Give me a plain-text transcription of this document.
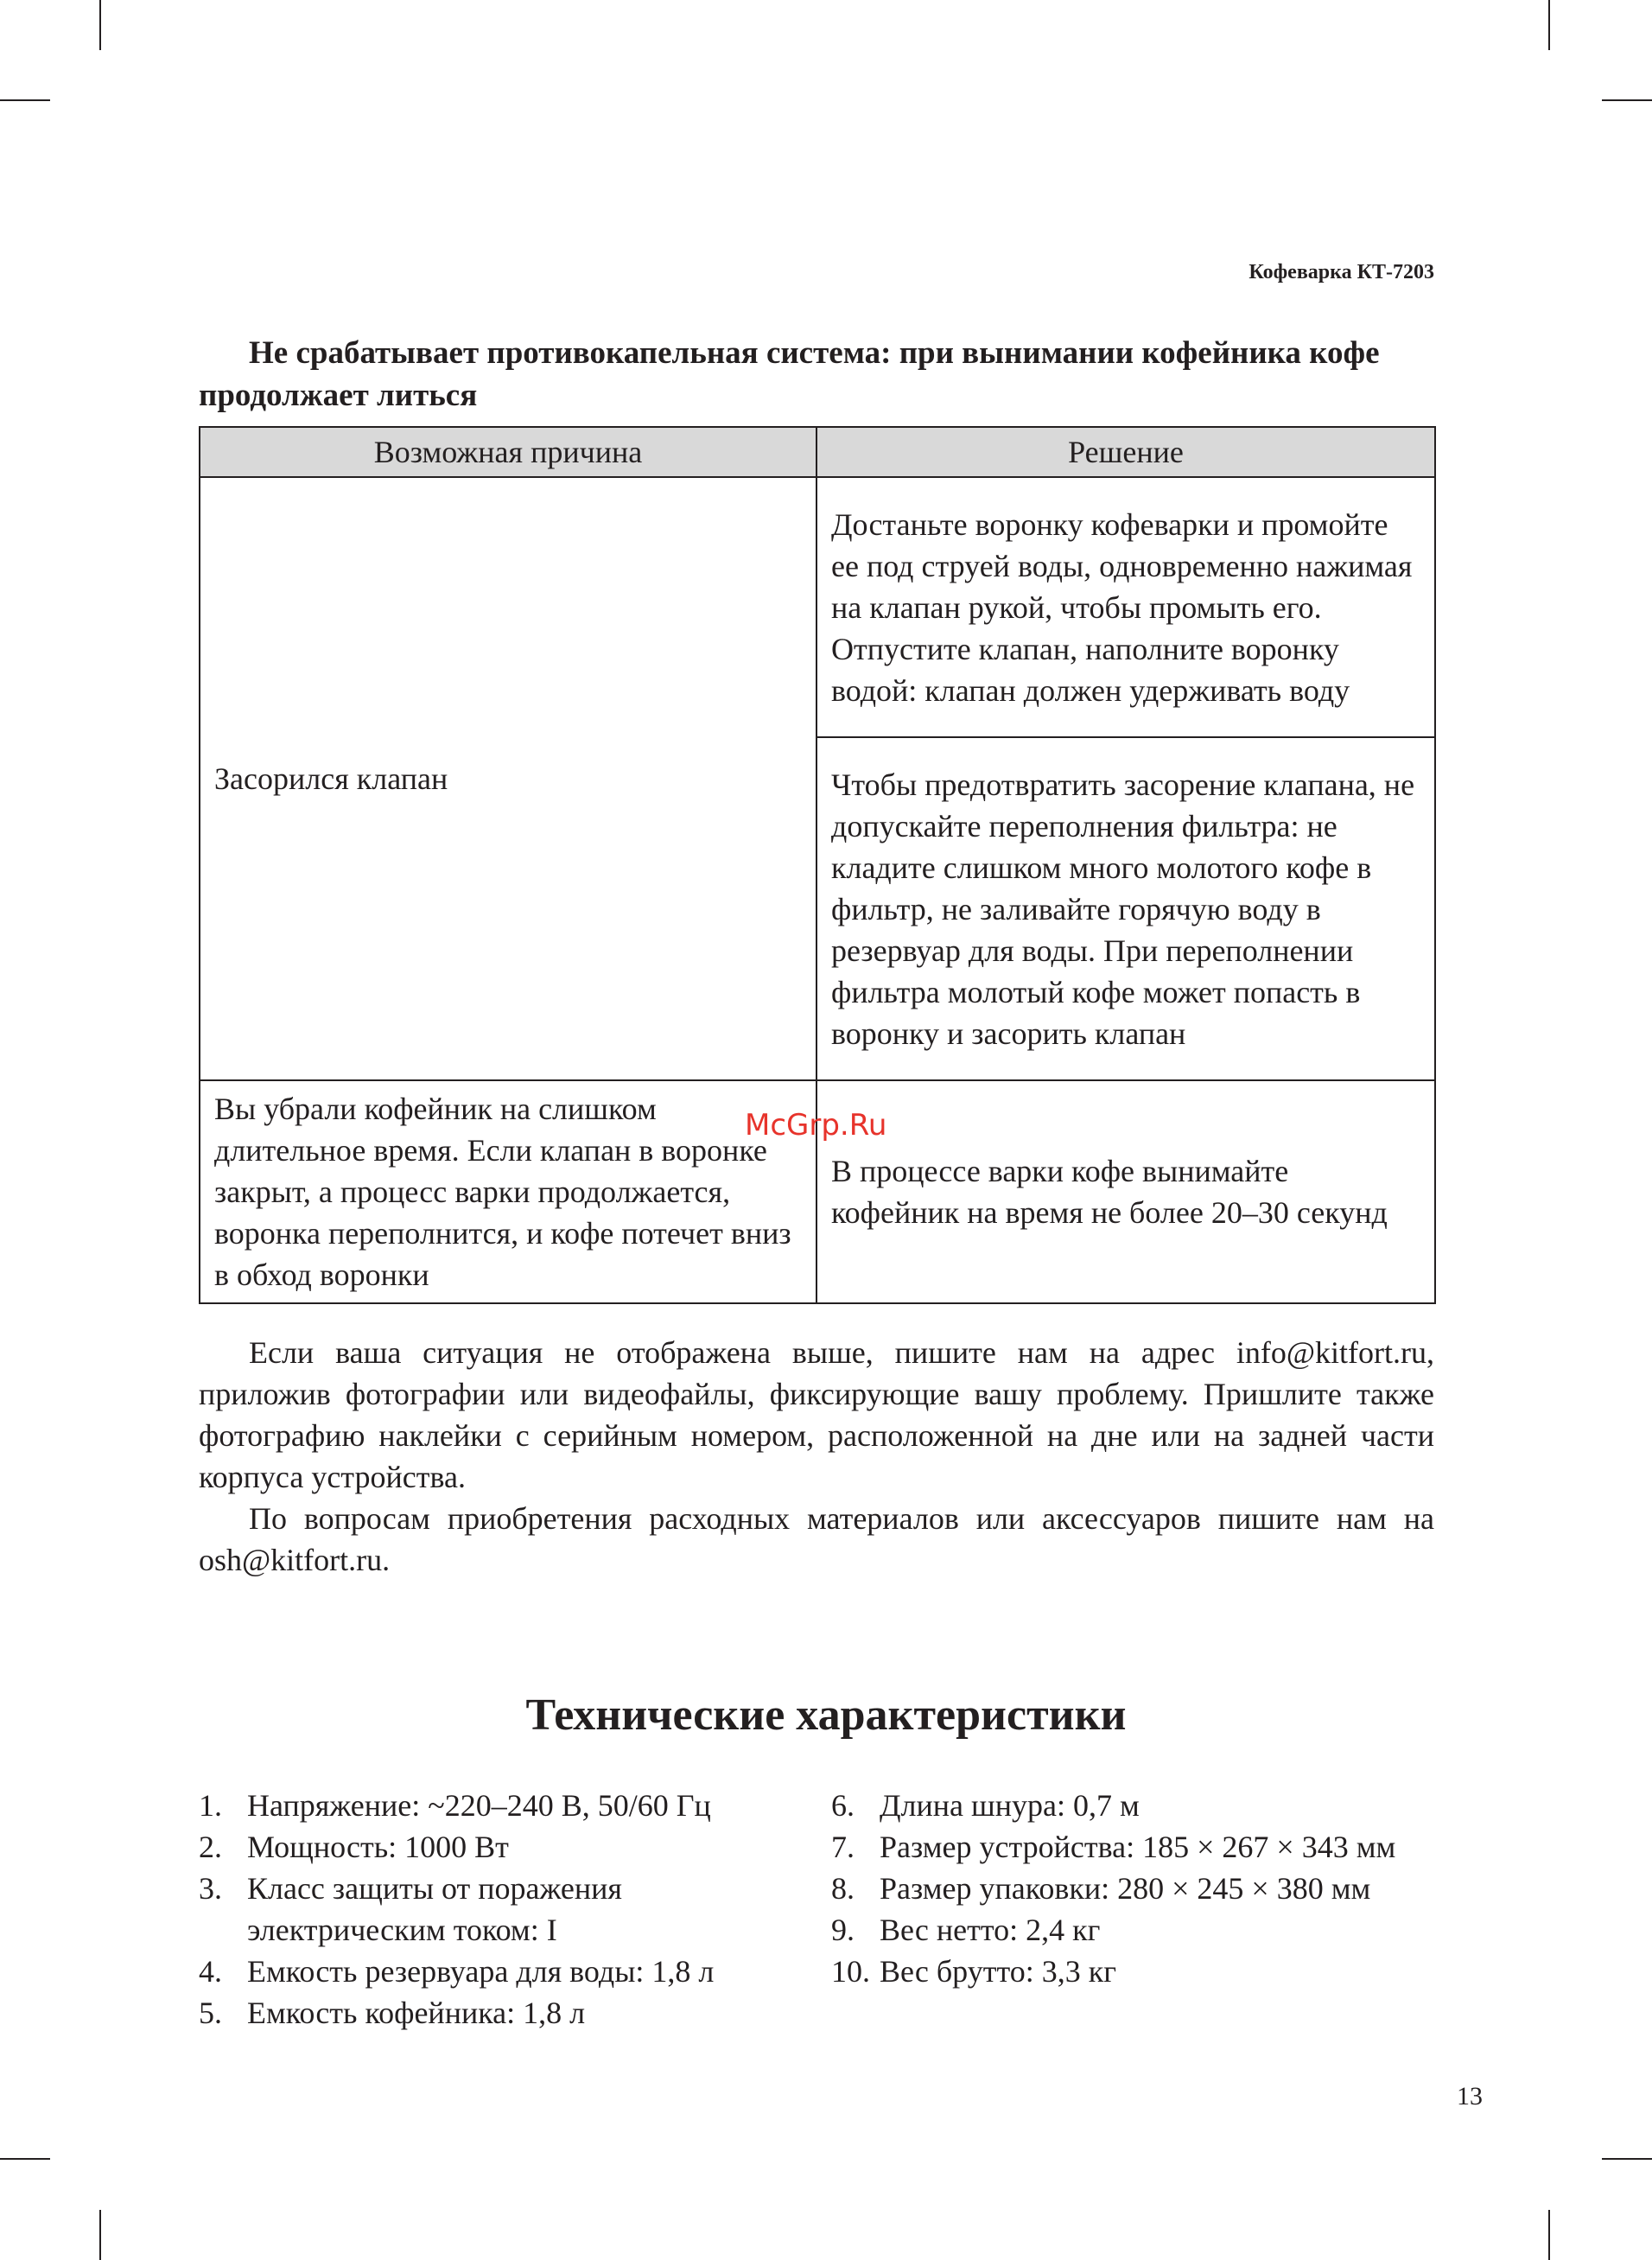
Кофеварка КТ-7203

Не срабатывает противокапельная система: при вынимании кофейника кофе продолжает литься

Возможная причина	Решение
Засорился клапан	Достаньте воронку кофеварки и промойте ее под струей воды, одновременно нажимая на клапан рукой, чтобы промыть его. Отпустите клапан, наполните воронку водой: клапан должен удерживать воду
	Чтобы предотвратить засорение клапана, не допускайте переполнения фильтра: не кладите слишком много молотого кофе в фильтр, не заливайте горячую воду в резервуар для воды. При переполнении фильтра молотый кофе может попасть в воронку и засорить клапан
Вы убрали кофейник на слишком длительное время. Если клапан в воронке закрыт, а процесс варки продолжается, воронка переполнится, и кофе потечет вниз в обход воронки	В процессе варки кофе вынимайте кофейник на время не более 20–30 секунд
McGrp.Ru

Если ваша ситуация не отображена выше, пишите нам на адрес info@kitfort.ru, приложив фотографии или видеофайлы, фиксирующие вашу проблему. Пришлите также фотографию наклейки с серийным номером, расположенной на дне или на задней части корпуса устройства.

По вопросам приобретения расходных материалов или аксессуаров пишите нам на osh@kitfort.ru.

Технические характеристики
1. Напряжение: ~220–240 В, 50/60 Гц
2. Мощность: 1000 Вт
3. Класс защиты от поражения электрическим током: I
4. Емкость резервуара для воды: 1,8 л
5. Емкость кофейника: 1,8 л
6. Длина шнура: 0,7 м
7. Размер устройства: 185 × 267 × 343 мм
8. Размер упаковки: 280 × 245 × 380 мм
9. Вес нетто: 2,4 кг
10. Вес брутто: 3,3 кг
13
